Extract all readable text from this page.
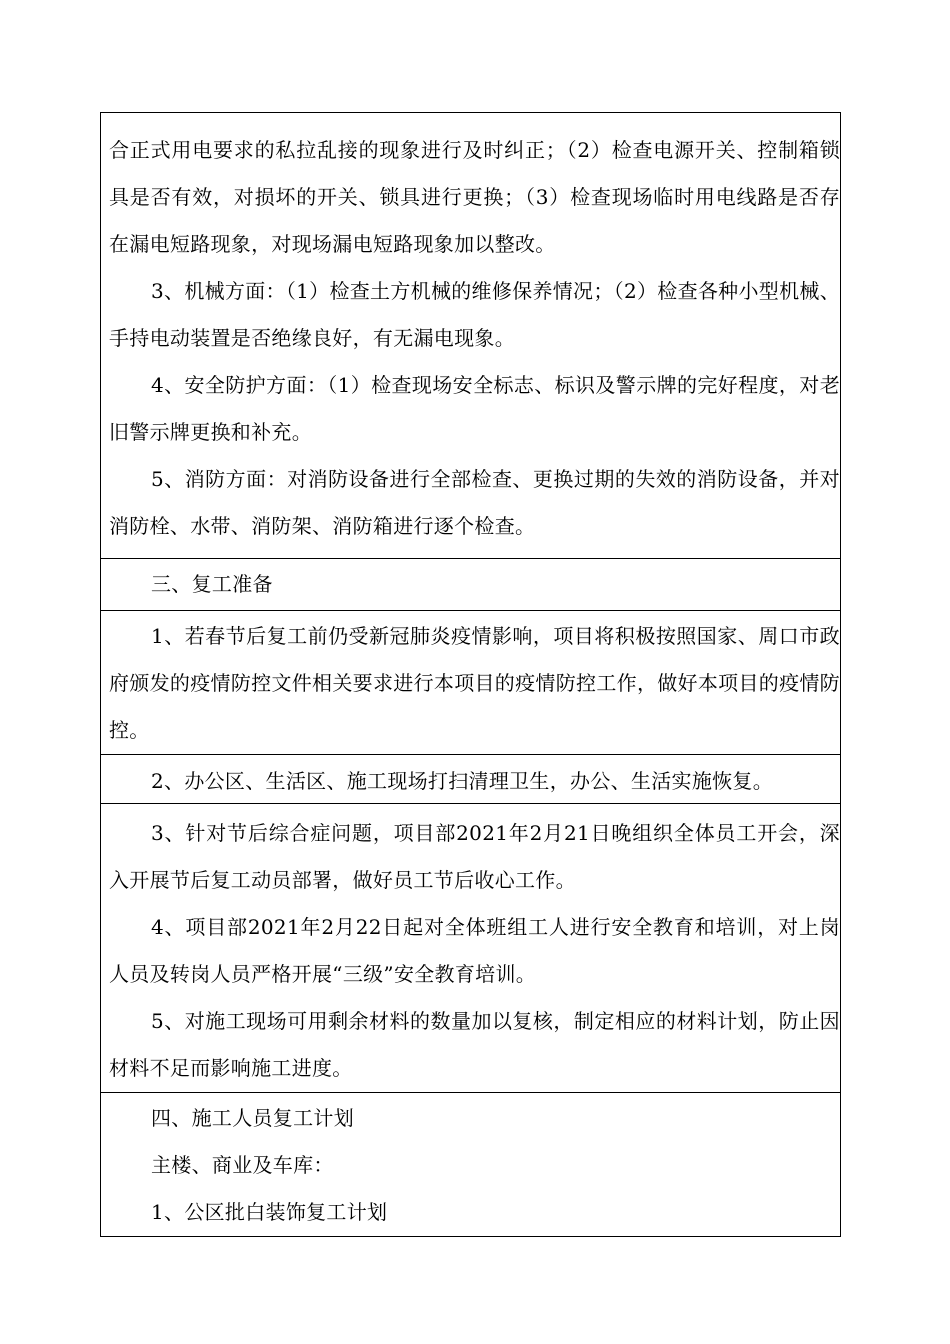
合正式用电要求的私拉乱接的现象进行及时纠正；（2）检查电源开关、控制箱锁具是否有效，对损坏的开关、锁具进行更换；（3）检查现场临时用电线路是否存在漏电短路现象，对现场漏电短路现象加以整改。

3、机械方面：（1）检查土方机械的维修保养情况；（2）检查各种小型机械、手持电动装置是否绝缘良好，有无漏电现象。

4、安全防护方面：（1）检查现场安全标志、标识及警示牌的完好程度，对老旧警示牌更换和补充。

5、消防方面：对消防设备进行全部检查、更换过期的失效的消防设备，并对消防栓、水带、消防架、消防箱进行逐个检查。

三、复工准备

1、若春节后复工前仍受新冠肺炎疫情影响，项目将积极按照国家、周口市政府颁发的疫情防控文件相关要求进行本项目的疫情防控工作，做好本项目的疫情防控。

2、办公区、生活区、施工现场打扫清理卫生，办公、生活实施恢复。

3、针对节后综合症问题，项目部2021年2月21日晚组织全体员工开会，深入开展节后复工动员部署，做好员工节后收心工作。

4、项目部2021年2月22日起对全体班组工人进行安全教育和培训，对上岗人员及转岗人员严格开展“三级”安全教育培训。

5、对施工现场可用剩余材料的数量加以复核，制定相应的材料计划，防止因材料不足而影响施工进度。

四、施工人员复工计划

主楼、商业及车库：

1、公区批白装饰复工计划
